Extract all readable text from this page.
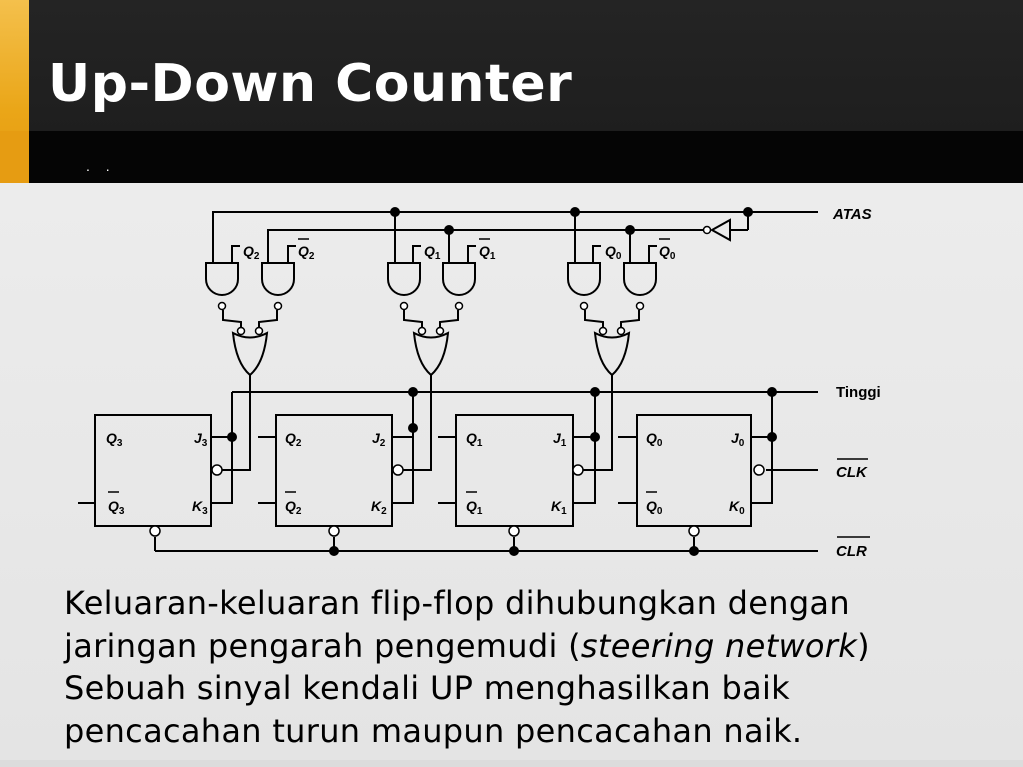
Up-Down Counter
. .
ATAS
Tinggi
CLK
CLR
$Q_2$	$Q_2$	$Q_1$	$Q_1$	$Q_0$	$Q_0$
$Q_3$
$Q_3$
$J_3$
$K_3$
$Q_2$
$Q_2$
$J_2$
$K_2$
$Q_1$
$Q_1$
$J_1$
$K_1$
$Q_0$
$Q_0$
$J_0$
$K_0$

Keluaran-keluaran flip-flop dihubungkan dengan
jaringan pengarah pengemudi (steering network)
Sebuah sinyal kendali UP menghasilkan baik
pencacahan turun maupun pencacahan naik.
